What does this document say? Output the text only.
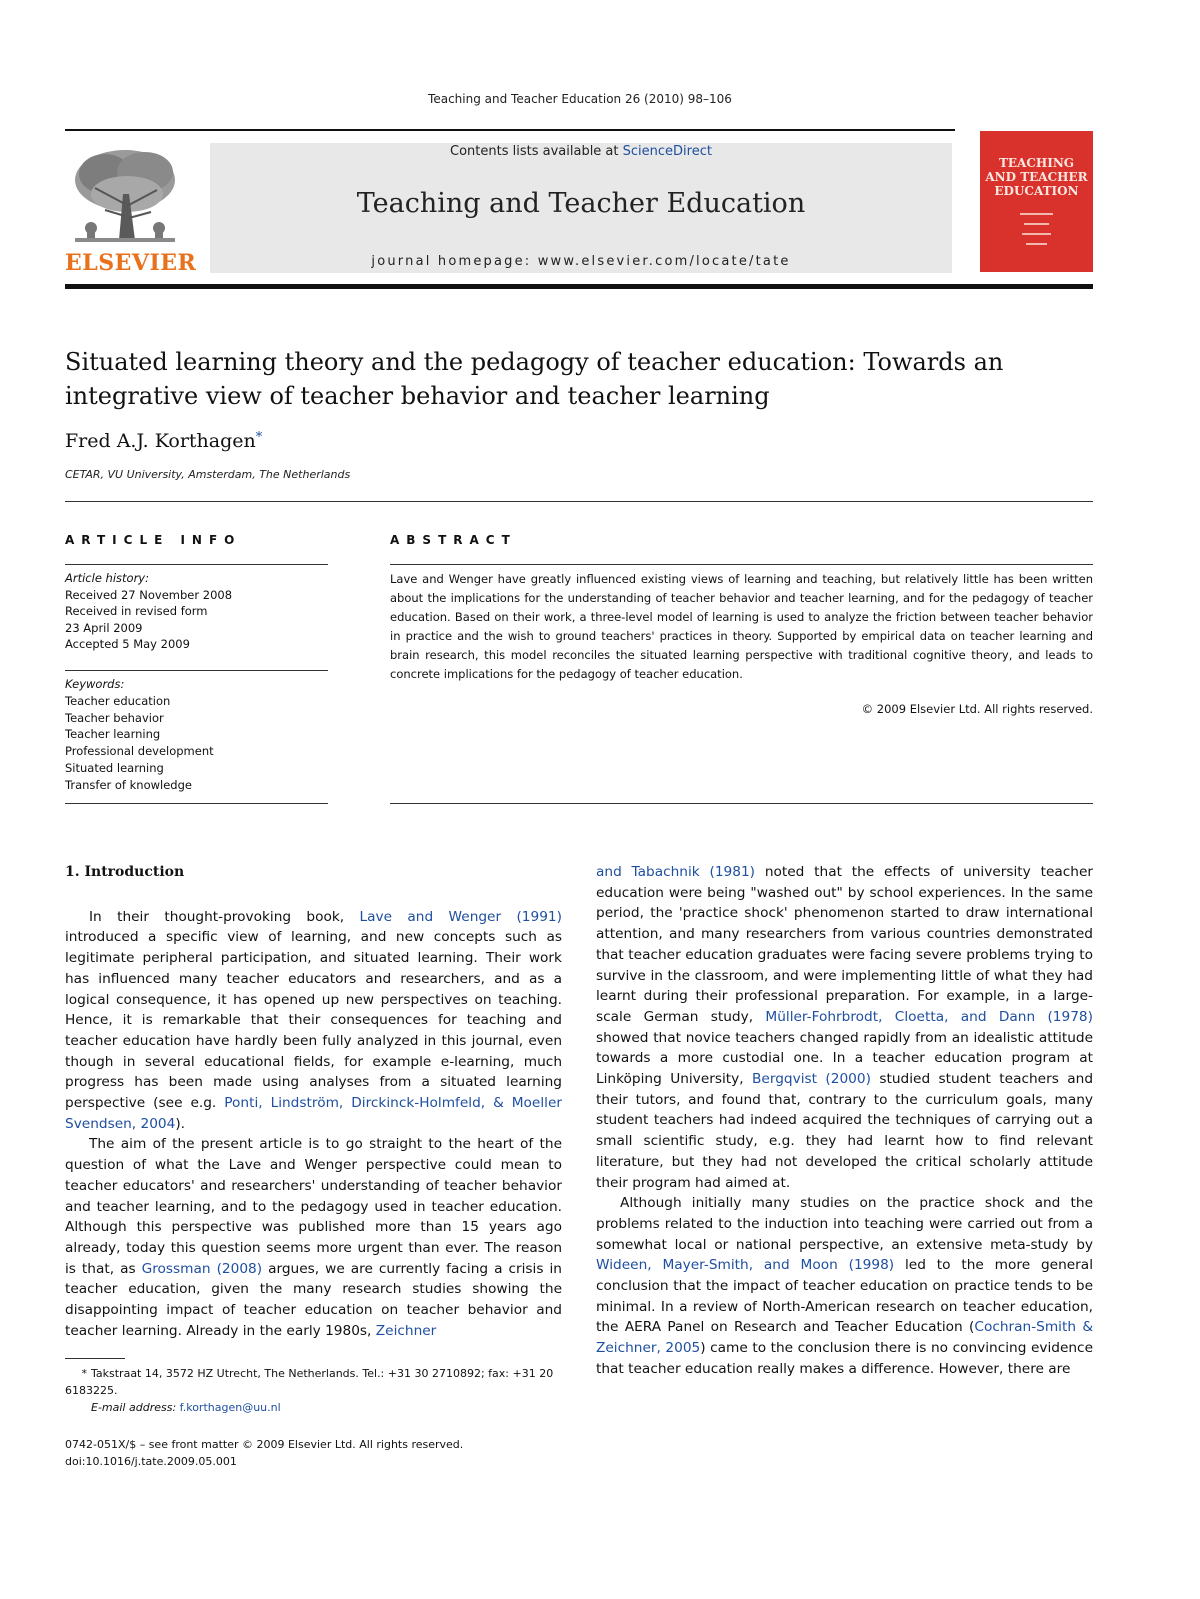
Teaching and Teacher Education 26 (2010) 98–106
ELSEVIER
Contents lists available at ScienceDirect
Teaching and Teacher Education
journal homepage: www.elsevier.com/locate/tate
TEACHING AND TEACHER EDUCATION
Situated learning theory and the pedagogy of teacher education: Towards an integrative view of teacher behavior and teacher learning
Fred A.J. Korthagen*
CETAR, VU University, Amsterdam, The Netherlands
ARTICLE INFO	ABSTRACT
Article history:
Received 27 November 2008
Received in revised form
23 April 2009
Accepted 5 May 2009
Keywords:
Teacher education
Teacher behavior
Teacher learning
Professional development
Situated learning
Transfer of knowledge
Lave and Wenger have greatly influenced existing views of learning and teaching, but relatively little has been written about the implications for the understanding of teacher behavior and teacher learning, and for the pedagogy of teacher education. Based on their work, a three-level model of learning is used to analyze the friction between teacher behavior in practice and the wish to ground teachers' practices in theory. Supported by empirical data on teacher learning and brain research, this model reconciles the situated learning perspective with traditional cognitive theory, and leads to concrete implications for the pedagogy of teacher education.
© 2009 Elsevier Ltd. All rights reserved.
1. Introduction

In their thought-provoking book, Lave and Wenger (1991) introduced a specific view of learning, and new concepts such as legitimate peripheral participation, and situated learning. Their work has influenced many teacher educators and researchers, and as a logical consequence, it has opened up new perspectives on teaching. Hence, it is remarkable that their consequences for teaching and teacher education have hardly been fully analyzed in this journal, even though in several educational fields, for example e-learning, much progress has been made using analyses from a situated learning perspective (see e.g. Ponti, Lindström, Dirckinck-Holmfeld, & Moeller Svendsen, 2004).

The aim of the present article is to go straight to the heart of the question of what the Lave and Wenger perspective could mean to teacher educators' and researchers' understanding of teacher behavior and teacher learning, and to the pedagogy used in teacher education. Although this perspective was published more than 15 years ago already, today this question seems more urgent than ever. The reason is that, as Grossman (2008) argues, we are currently facing a crisis in teacher education, given the many research studies showing the disappointing impact of teacher education on teacher behavior and teacher learning. Already in the early 1980s, Zeichner

and Tabachnik (1981) noted that the effects of university teacher education were being "washed out" by school experiences. In the same period, the 'practice shock' phenomenon started to draw international attention, and many researchers from various countries demonstrated that teacher education graduates were facing severe problems trying to survive in the classroom, and were implementing little of what they had learnt during their professional preparation. For example, in a large-scale German study, Müller-Fohrbrodt, Cloetta, and Dann (1978) showed that novice teachers changed rapidly from an idealistic attitude towards a more custodial one. In a teacher education program at Linköping University, Bergqvist (2000) studied student teachers and their tutors, and found that, contrary to the curriculum goals, many student teachers had indeed acquired the techniques of carrying out a small scientific study, e.g. they had learnt how to find relevant literature, but they had not developed the critical scholarly attitude their program had aimed at.

Although initially many studies on the practice shock and the problems related to the induction into teaching were carried out from a somewhat local or national perspective, an extensive meta-study by Wideen, Mayer-Smith, and Moon (1998) led to the more general conclusion that the impact of teacher education on practice tends to be minimal. In a review of North-American research on teacher education, the AERA Panel on Research and Teacher Education (Cochran-Smith & Zeichner, 2005) came to the conclusion there is no convincing evidence that teacher education really makes a difference. However, there are

* Takstraat 14, 3572 HZ Utrecht, The Netherlands. Tel.: +31 30 2710892; fax: +31 20 6183225.
E-mail address: f.korthagen@uu.nl
0742-051X/$ – see front matter © 2009 Elsevier Ltd. All rights reserved.
doi:10.1016/j.tate.2009.05.001
